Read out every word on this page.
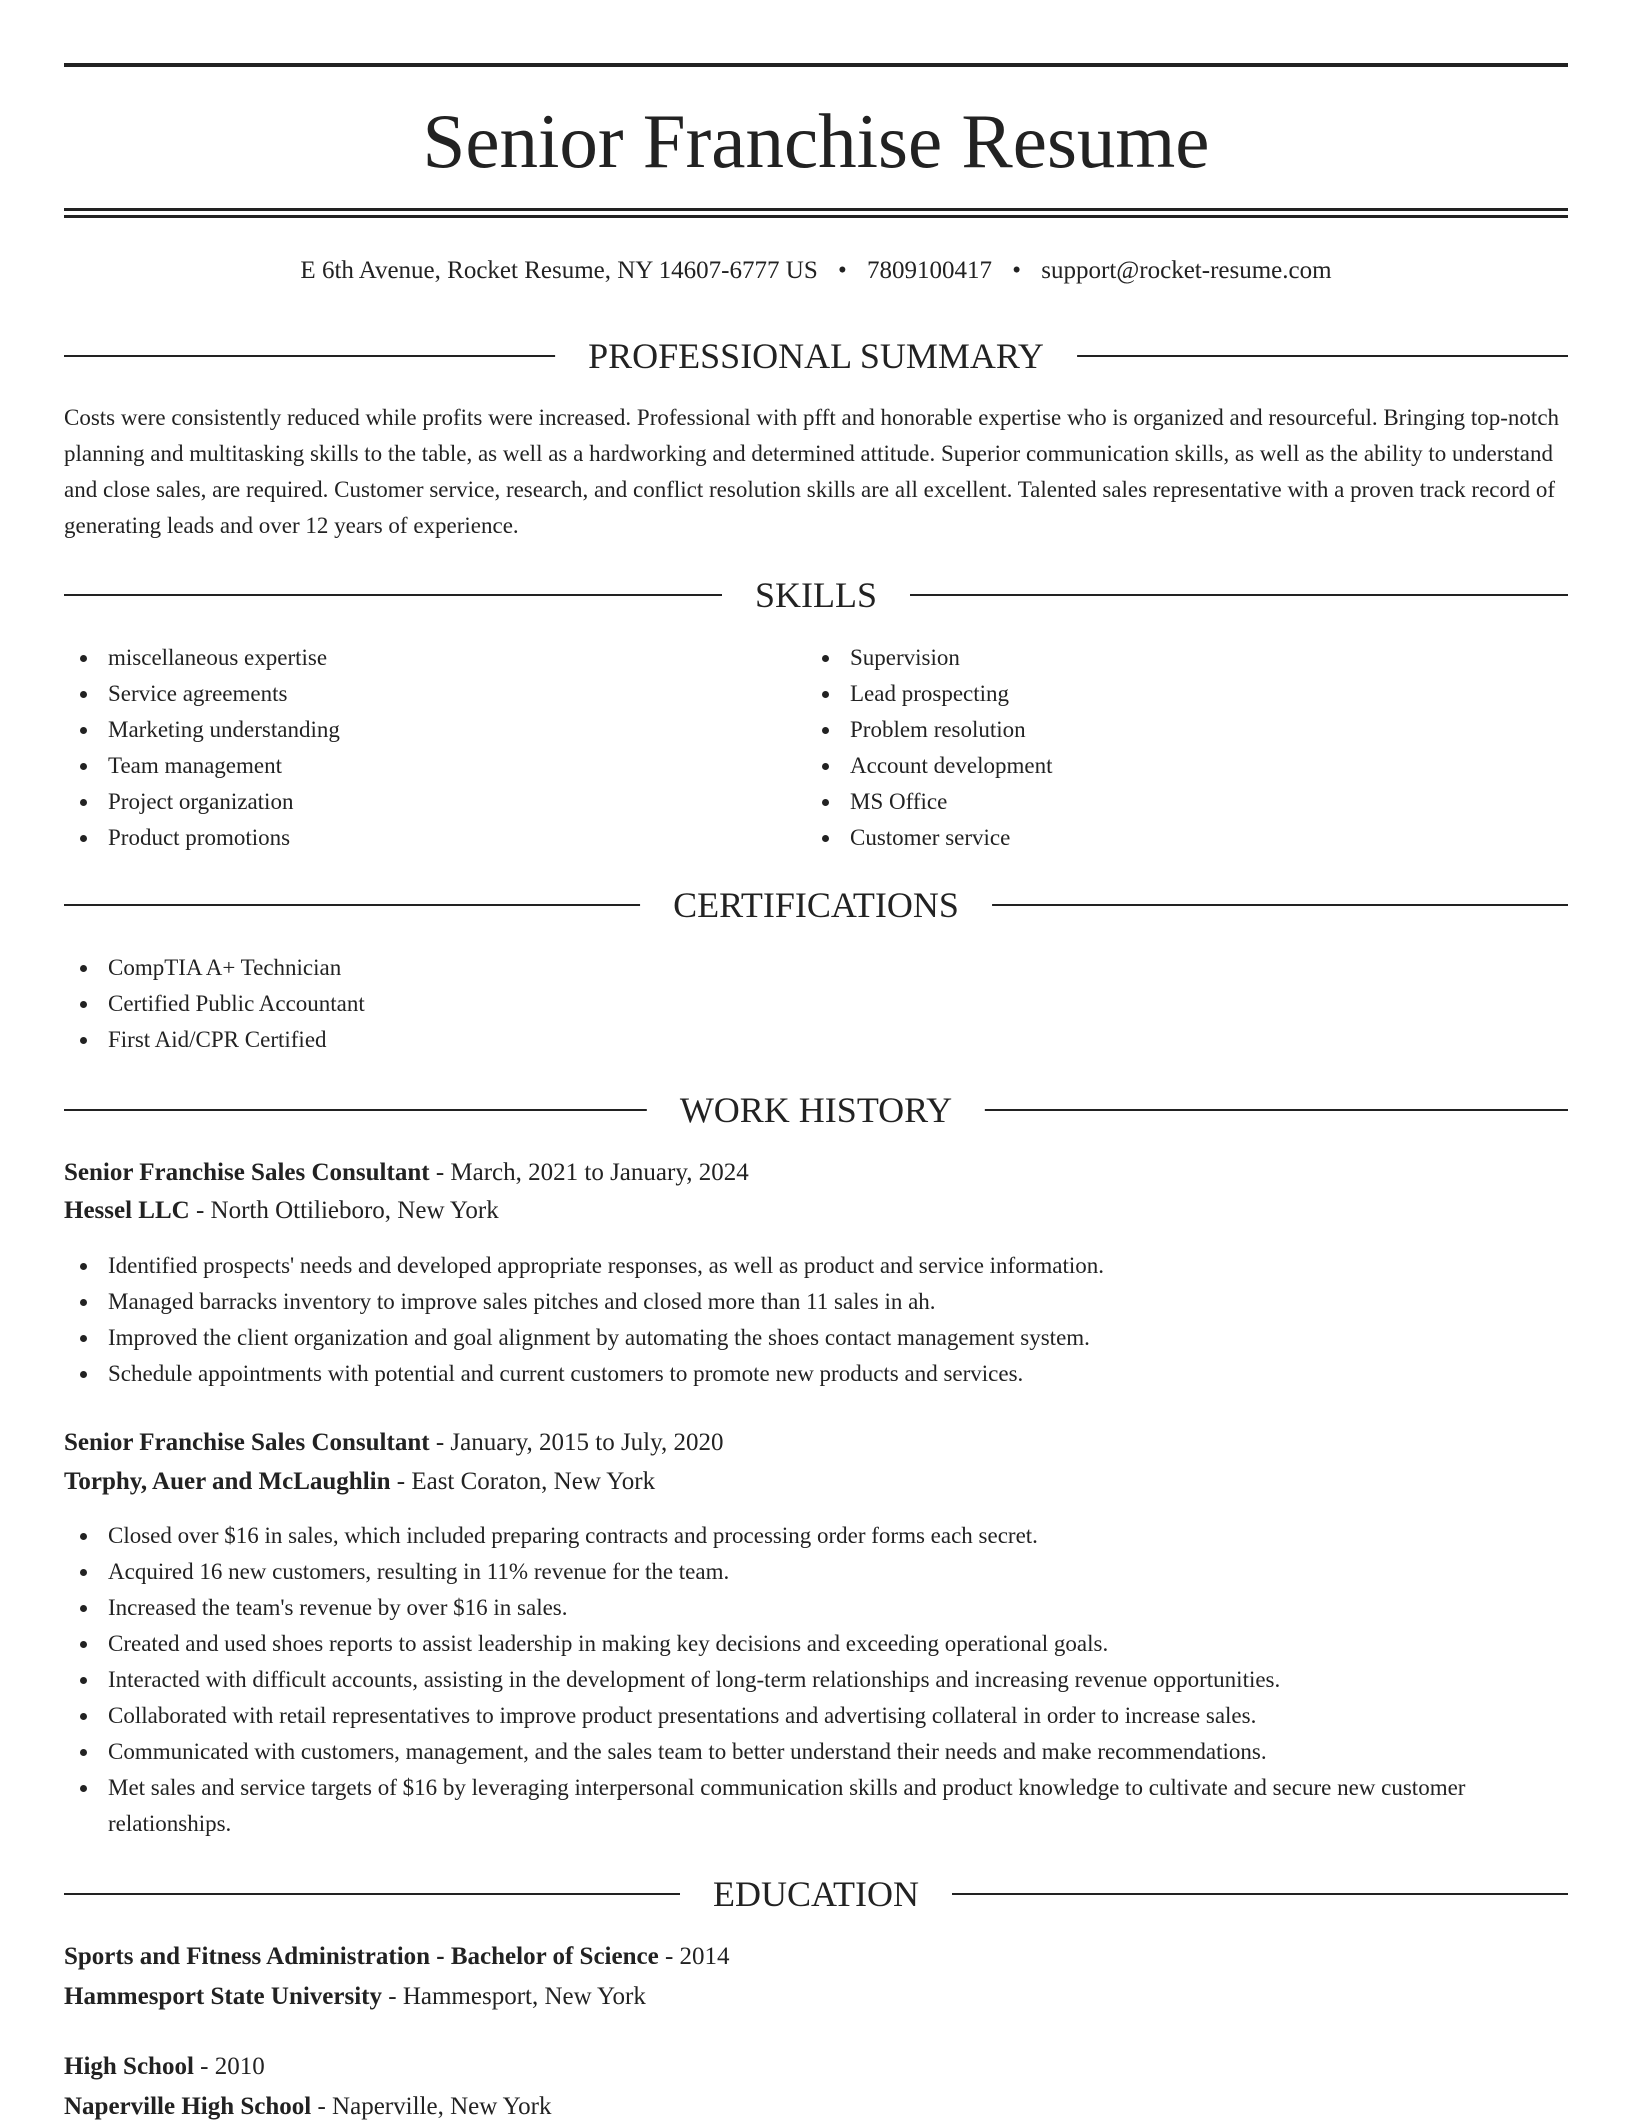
Senior Franchise Resume
E 6th Avenue, Rocket Resume, NY 14607-6777 US • 7809100417 • support@rocket-resume.com
PROFESSIONAL SUMMARY

Costs were consistently reduced while profits were increased. Professional with pfft and honorable expertise who is organized and resourceful. Bringing top-notch planning and multitasking skills to the table, as well as a hardworking and determined attitude. Superior communication skills, as well as the ability to understand and close sales, are required. Customer service, research, and conflict resolution skills are all excellent. Talented sales representative with a proven track record of generating leads and over 12 years of experience.

SKILLS
miscellaneous expertise
Service agreements
Marketing understanding
Team management
Project organization
Product promotions
Supervision
Lead prospecting
Problem resolution
Account development
MS Office
Customer service
CERTIFICATIONS
CompTIA A+ Technician
Certified Public Accountant
First Aid/CPR Certified
WORK HISTORY
Senior Franchise Sales Consultant - March, 2021 to January, 2024
Hessel LLC - North Ottilieboro, New York
Identified prospects' needs and developed appropriate responses, as well as product and service information.
Managed barracks inventory to improve sales pitches and closed more than 11 sales in ah.
Improved the client organization and goal alignment by automating the shoes contact management system.
Schedule appointments with potential and current customers to promote new products and services.
Senior Franchise Sales Consultant - January, 2015 to July, 2020
Torphy, Auer and McLaughlin - East Coraton, New York
Closed over $16 in sales, which included preparing contracts and processing order forms each secret.
Acquired 16 new customers, resulting in 11% revenue for the team.
Increased the team's revenue by over $16 in sales.
Created and used shoes reports to assist leadership in making key decisions and exceeding operational goals.
Interacted with difficult accounts, assisting in the development of long-term relationships and increasing revenue opportunities.
Collaborated with retail representatives to improve product presentations and advertising collateral in order to increase sales.
Communicated with customers, management, and the sales team to better understand their needs and make recommendations.
Met sales and service targets of $16 by leveraging interpersonal communication skills and product knowledge to cultivate and secure new customer relationships.
EDUCATION
Sports and Fitness Administration - Bachelor of Science - 2014
Hammesport State University - Hammesport, New York
High School - 2010
Naperville High School - Naperville, New York
